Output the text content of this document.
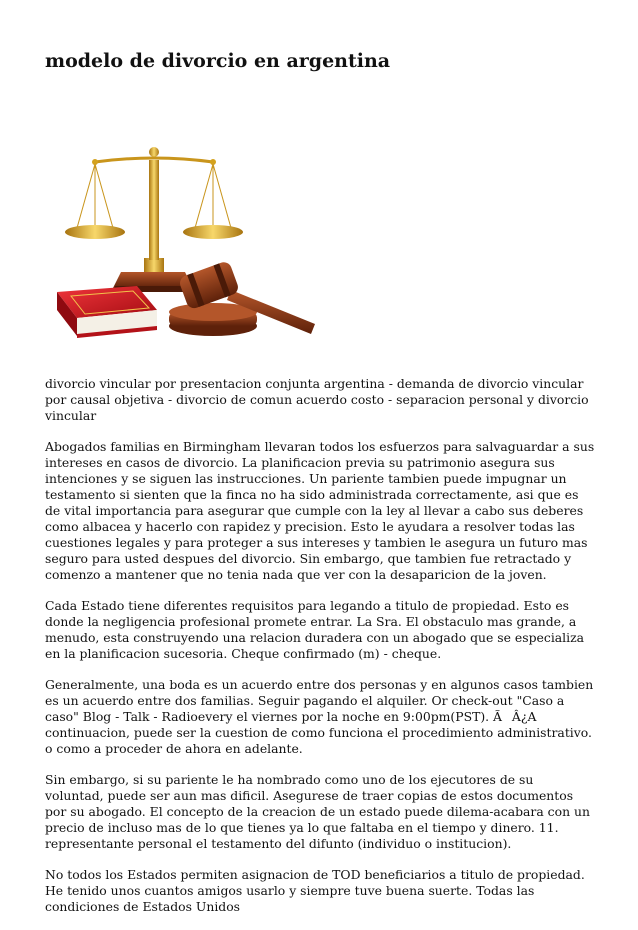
modelo de divorcio en argentina

divorcio vincular por presentacion conjunta argentina - demanda de divorcio vincular por causal objetiva - divorcio de comun acuerdo costo - separacion personal y divorcio vincular

Abogados familias en Birmingham llevaran todos los esfuerzos para salvaguardar a sus intereses en casos de divorcio. La planificacion previa su patrimonio asegura sus intenciones y se siguen las instrucciones. Un pariente tambien puede impugnar un testamento si sienten que la finca no ha sido administrada correctamente, asi que es de vital importancia para asegurar que cumple con la ley al llevar a cabo sus deberes como albacea y hacerlo con rapidez y precision. Esto le ayudara a resolver todas las cuestiones legales y para proteger a sus intereses y tambien le asegura un futuro mas seguro para usted despues del divorcio. Sin embargo, que tambien fue retractado y comenzo a mantener que no tenia nada que ver con la desaparicion de la joven.

Cada Estado tiene diferentes requisitos para legando a titulo de propiedad. Esto es donde la negligencia profesional promete entrar. La Sra. El obstaculo mas grande, a menudo, esta construyendo una relacion duradera con un abogado que se especializa en la planificacion sucesoria. Cheque confirmado (m) - cheque.

Generalmente, una boda es un acuerdo entre dos personas y en algunos casos tambien es un acuerdo entre dos familias. Seguir pagando el alquiler. Or check-out "Caso a caso" Blog - Talk - Radioevery el viernes por la noche en 9:00pm(PST). ÃÂ¿A continuacion, puede ser la cuestion de como funciona el procedimiento administrativo. o como a proceder de ahora en adelante.

Sin embargo, si su pariente le ha nombrado como uno de los ejecutores de su voluntad, puede ser aun mas dificil. Asegurese de traer copias de estos documentos por su abogado. El concepto de la creacion de un estado puede dilema-acabara con un precio de incluso mas de lo que tienes ya lo que faltaba en el tiempo y dinero. 11. representante personal el testamento del difunto (individuo o institucion).

No todos los Estados permiten asignacion de TOD beneficiarios a titulo de propiedad. He tenido unos cuantos amigos usarlo y siempre tuve buena suerte. Todas las condiciones de Estados Unidos
